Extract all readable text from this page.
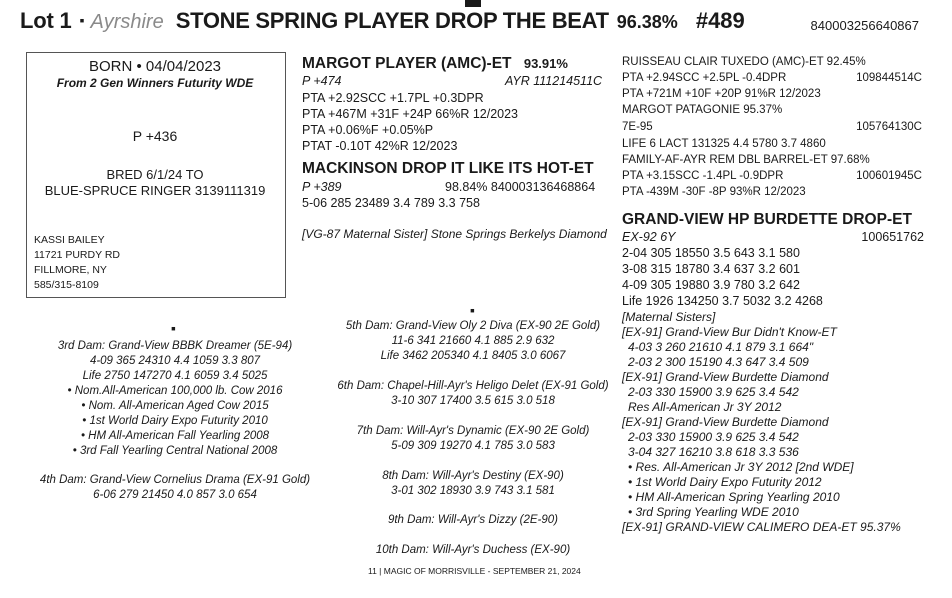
Lot 1 ▪ Ayrshire STONE SPRING PLAYER DROP THE BEAT 96.38% #489	840003256640867
BORN • 04/04/2023
From 2 Gen Winners Futurity WDE
P +436
BRED 6/1/24 TO
BLUE-SPRUCE RINGER 3139111319
KASSI BAILEY
11721 PURDY RD
FILLMORE, NY
585/315-8109
MARGOT PLAYER (AMC)-ET 93.91%
P +474	AYR 111214511C
PTA +2.92SCC +1.7PL +0.3DPR
PTA +467M +31F +24P 66%R 12/2023
PTA +0.06%F +0.05%P
PTAT -0.10T 42%R 12/2023
MACKINSON DROP IT LIKE ITS HOT-ET
P +389	98.84% 840003136468864
5-06 285 23489 3.4 789 3.3 758
[VG-87 Maternal Sister] Stone Springs Berkelys Diamond
RUISSEAU CLAIR TUXEDO (AMC)-ET 92.45%
PTA +2.94SCC +2.5PL -0.4DPR	109844514C
PTA +721M +10F +20P 91%R 12/2023
MARGOT PATAGONIE 95.37%
7E-95	105764130C
LIFE 6 LACT 131325 4.4 5780 3.7 4860
FAMILY-AF-AYR REM DBL BARREL-ET 97.68%
PTA +3.15SCC -1.4PL -0.9DPR	100601945C
PTA -439M -30F -8P 93%R 12/2023
GRAND-VIEW HP BURDETTE DROP-ET
EX-92 6Y	100651762
2-04 305 18550 3.5 643 3.1 580
3-08 315 18780 3.4 637 3.2 601
4-09 305 19880 3.9 780 3.2 642
Life 1926 134250 3.7 5032 3.2 4268
[Maternal Sisters]
[EX-91] Grand-View Bur Didn't Know-ET
4-03 3 260 21610 4.1 879 3.1 664"
2-03 2 300 15190 4.3 647 3.4 509
[EX-91] Grand-View Burdette Diamond
2-03 330 15900 3.9 625 3.4 542
Res All-American Jr 3Y 2012
[EX-91] Grand-View Burdette Diamond
2-03 330 15900 3.9 625 3.4 542
3-04 327 16210 3.8 618 3.3 536
• Res. All-American Jr 3Y 2012 [2nd WDE]
• 1st World Dairy Expo Futurity 2012
• HM All-American Spring Yearling 2010
• 3rd Spring Yearling WDE 2010
[EX-91] GRAND-VIEW CALIMERO DEA-ET 95.37%
▪
▪
3rd Dam: Grand-View BBBK Dreamer (5E-94)
4-09 365 24310 4.4 1059 3.3 807
Life 2750 147270 4.1 6059 3.4 5025
• Nom.All-American 100,000 lb. Cow 2016
• Nom. All-American Aged Cow 2015
• 1st World Dairy Expo Futurity 2010
• HM All-American Fall Yearling 2008
• 3rd Fall Yearling Central National 2008
4th Dam: Grand-View Cornelius Drama (EX-91 Gold)
6-06 279 21450 4.0 857 3.0 654
5th Dam: Grand-View Oly 2 Diva (EX-90 2E Gold)
11-6 341 21660 4.1 885 2.9 632
Life 3462 205340 4.1 8405 3.0 6067
6th Dam: Chapel-Hill-Ayr's Heligo Delet (EX-91 Gold)
3-10 307 17400 3.5 615 3.0 518
7th Dam: Will-Ayr's Dynamic (EX-90 2E Gold)
5-09 309 19270 4.1 785 3.0 583
8th Dam: Will-Ayr's Destiny (EX-90)
3-01 302 18930 3.9 743 3.1 581
9th Dam: Will-Ayr's Dizzy (2E-90)
10th Dam: Will-Ayr's Duchess (EX-90)
11 | MAGIC OF MORRISVILLE - SEPTEMBER 21, 2024
